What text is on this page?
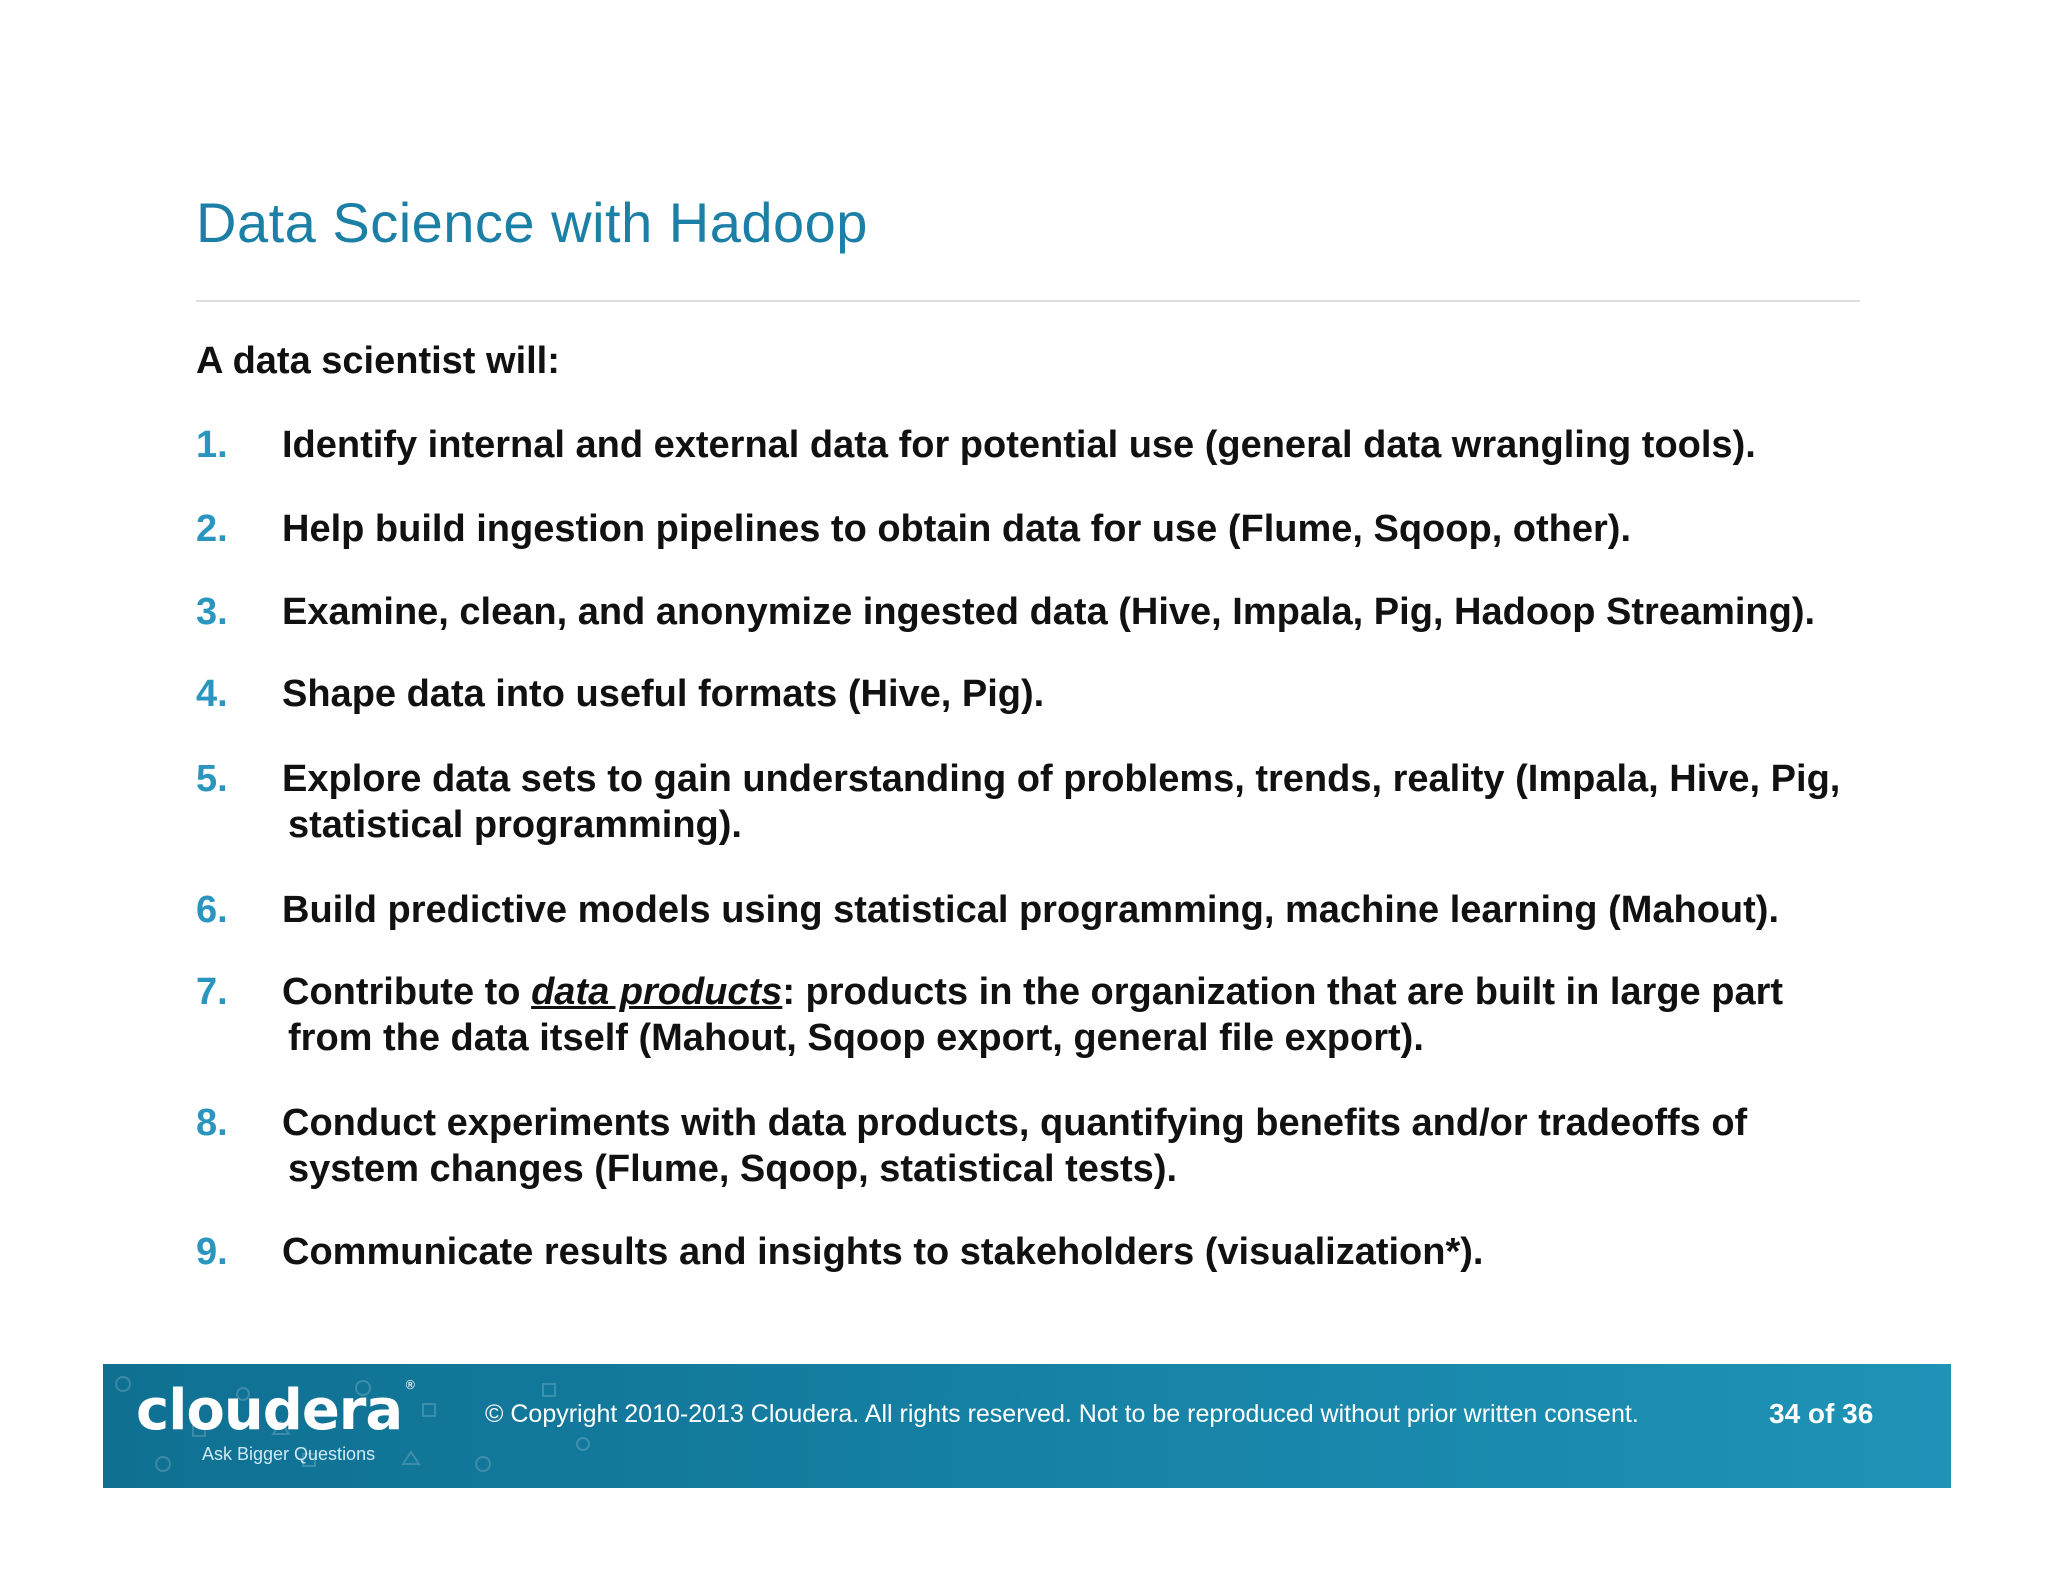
Data Science with Hadoop
A data scientist will:
1.	Identify internal and external data for potential use (general data wrangling tools).
2.	Help build ingestion pipelines to obtain data for use (Flume, Sqoop, other).
3.	Examine, clean, and anonymize ingested data (Hive, Impala, Pig, Hadoop Streaming).
4.	Shape data into useful formats (Hive, Pig).
5.	Explore data sets to gain understanding of problems, trends, reality (Impala, Hive, Pig,
statistical programming).
6.	Build predictive models using statistical programming, machine learning (Mahout).
7.	Contribute to data products: products in the organization that are built in large part
from the data itself (Mahout, Sqoop export, general file export).
8.	Conduct experiments with data products, quantifying benefits and/or tradeoffs of
system changes (Flume, Sqoop, statistical tests).
9.	Communicate results and insights to stakeholders (visualization*).
cloudera ®
Ask Bigger Questions
© Copyright 2010-2013 Cloudera. All rights reserved. Not to be reproduced without prior written consent.	34 of 36
